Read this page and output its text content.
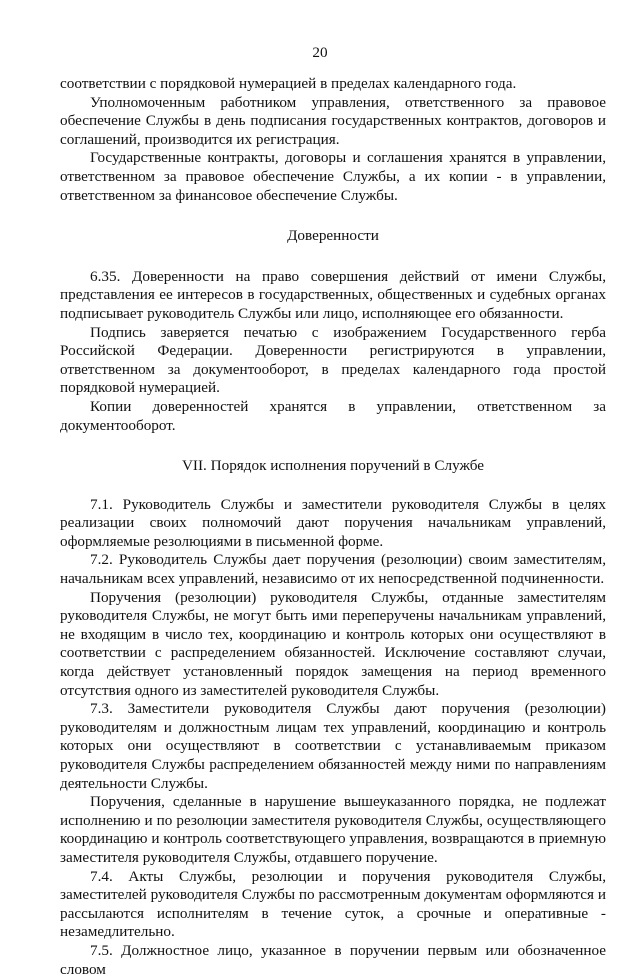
20

соответствии с порядковой нумерацией в пределах календарного года.

Уполномоченным работником управления, ответственного за правовое обеспечение Службы в день подписания государственных контрактов, договоров и соглашений, производится их регистрация.

Государственные контракты, договоры и соглашения хранятся в управлении, ответственном за правовое обеспечение Службы, а их копии - в управлении, ответственном за финансовое обеспечение Службы.

Доверенности

6.35. Доверенности на право совершения действий от имени Службы, представления ее интересов в государственных, общественных и судебных органах подписывает руководитель Службы или лицо, исполняющее его обязанности.

Подпись заверяется печатью с изображением Государственного герба Российской Федерации. Доверенности регистрируются в управлении, ответственном за документооборот, в пределах календарного года простой порядковой нумерацией.

Копии доверенностей хранятся в управлении, ответственном за документооборот.

VII. Порядок исполнения поручений в Службе

7.1. Руководитель Службы и заместители руководителя Службы в целях реализации своих полномочий дают поручения начальникам управлений, оформляемые резолюциями в письменной форме.

7.2. Руководитель Службы дает поручения (резолюции) своим заместителям, начальникам всех управлений, независимо от их непосредственной подчиненности.

Поручения (резолюции) руководителя Службы, отданные заместителям руководителя Службы, не могут быть ими переперучены начальникам управлений, не входящим в число тех, координацию и контроль которых они осуществляют в соответствии с распределением обязанностей. Исключение составляют случаи, когда действует установленный порядок замещения на период временного отсутствия одного из заместителей руководителя Службы.

7.3. Заместители руководителя Службы дают поручения (резолюции) руководителям и должностным лицам тех управлений, координацию и контроль которых они осуществляют в соответствии с устанавливаемым приказом руководителя Службы распределением обязанностей между ними по направлениям деятельности Службы.

Поручения, сделанные в нарушение вышеуказанного порядка, не подлежат исполнению и по резолюции заместителя руководителя Службы, осуществляющего координацию и контроль соответствующего управления, возвращаются в приемную заместителя руководителя Службы, отдавшего поручение.

7.4. Акты Службы, резолюции и поручения руководителя Службы, заместителей руководителя Службы по рассмотренным документам оформляются и рассылаются исполнителям в течение суток, а срочные и оперативные - незамедлительно.

7.5. Должностное лицо, указанное в поручении первым или обозначенное словом
